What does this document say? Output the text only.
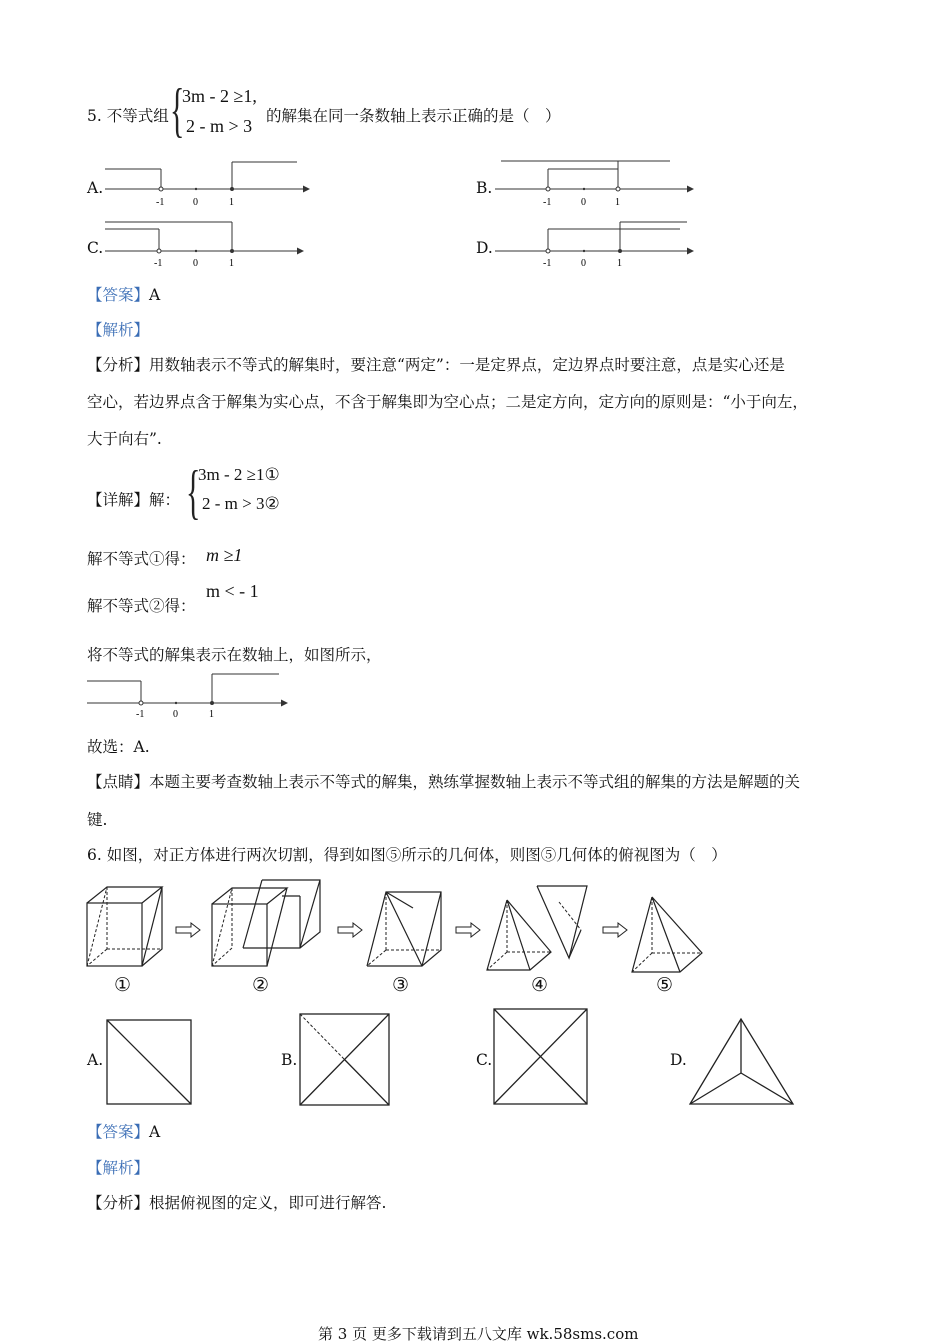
5. 不等式组 {
3m - 2 ≥1,
2 - m > 3 的解集在同一条数轴上表示正确的是（　）
A.
-1	0	1
B.
-1	0	1
C.
-1	0	1
D.
-1	0	1
【答案】A
【解析】
【分析】用数轴表示不等式的解集时，要注意“两定”：一是定界点，定边界点时要注意，点是实心还是
空心，若边界点含于解集为实心点，不含于解集即为空心点；二是定方向，定方向的原则是：“小于向左，
大于向右”.
【详解】解： {
3m - 2 ≥1①
2 - m > 3②
解不等式①得： m ≥1
m < - 1
解不等式②得：
将不等式的解集表示在数轴上，如图所示，
-1	0	1
故选：A.
【点睛】本题主要考查数轴上表示不等式的解集，熟练掌握数轴上表示不等式组的解集的方法是解题的关
键.
6. 如图，对正方体进行两次切割，得到如图⑤所示的几何体，则图⑤几何体的俯视图为（　）
①	②	③	④	⑤
A.	B.	C.	D.
【答案】A
【解析】
【分析】根据俯视图的定义，即可进行解答.
第 3 页 更多下载请到五八文库 wk.58sms.com
